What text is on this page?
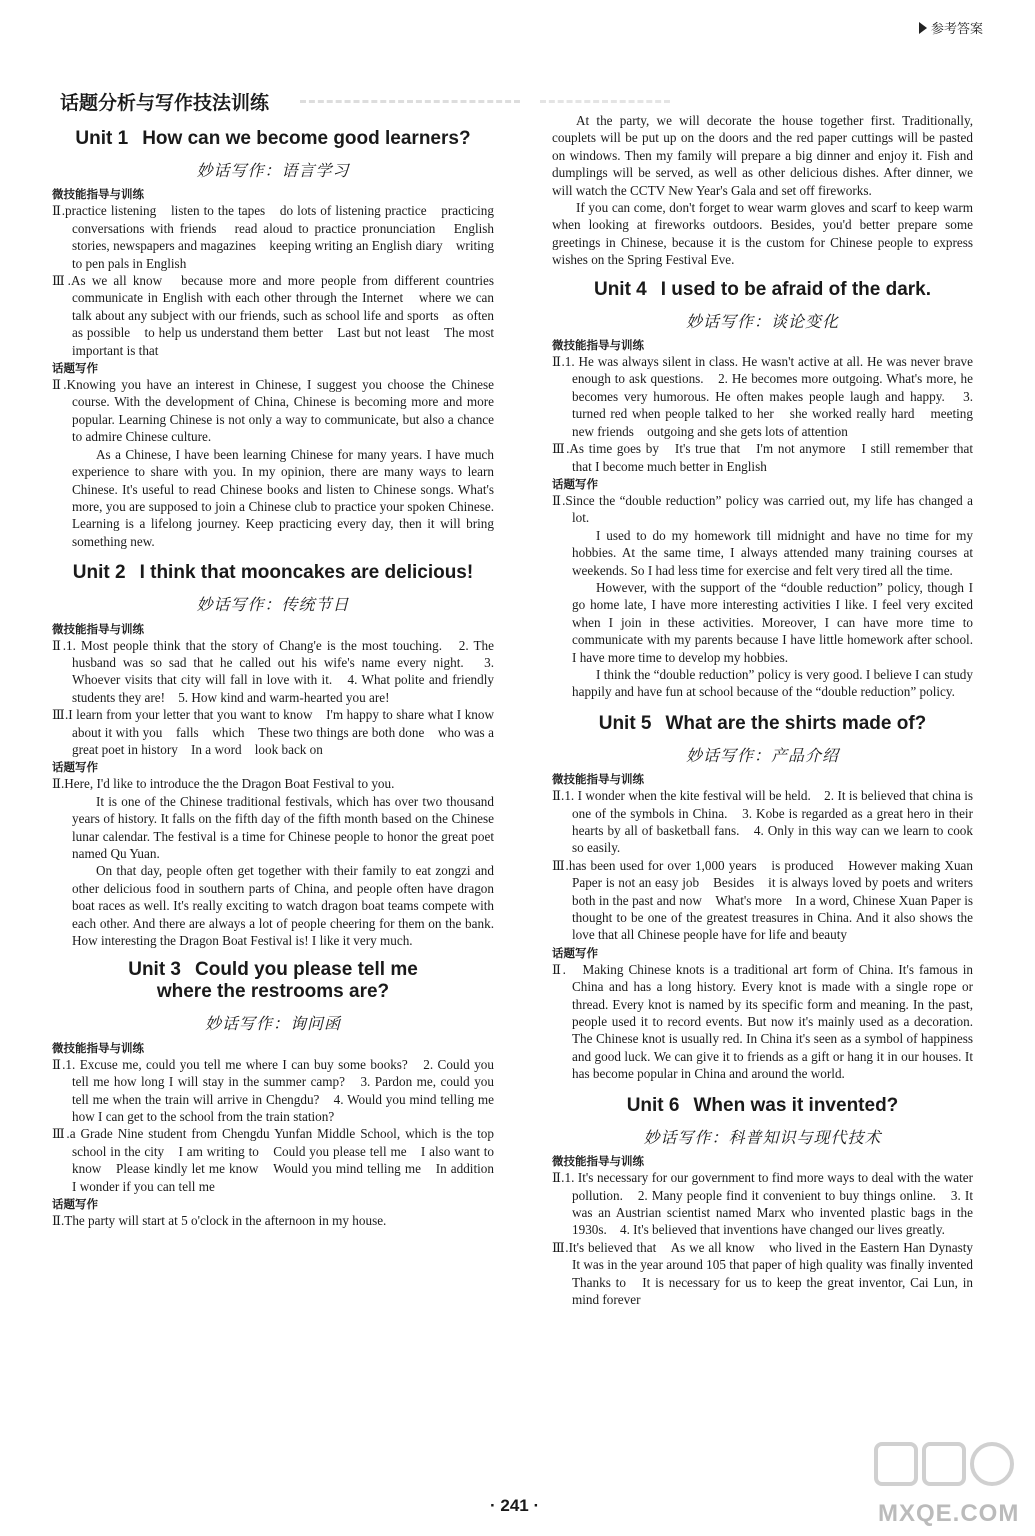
参考答案
话题分析与写作技法训练
Unit 1 How can we become good learners?
妙话写作：语言学习
微技能指导与训练

Ⅱ.practice listening　listen to the tapes　do lots of listening practice　practicing conversations with friends　read aloud to practice pronunciation　English stories, newspapers and magazines　keeping writing an English diary　writing to pen pals in English

Ⅲ.As we all know　because more and more people from different countries communicate in English with each other through the Internet　where we can talk about any subject with our friends, such as school life and sports　as often as possible　to help us understand them better　Last but not least　The most important is that

话题写作

Ⅱ.Knowing you have an interest in Chinese, I suggest you choose the Chinese course. With the development of China, Chinese is becoming more and more popular. Learning Chinese is not only a way to communicate, but also a chance to admire Chinese culture.

As a Chinese, I have been learning Chinese for many years. I have much experience to share with you. In my opinion, there are many ways to learn Chinese. It's useful to read Chinese books and listen to Chinese songs. What's more, you are supposed to join a Chinese club to practice your spoken Chinese. Learning is a lifelong journey. Keep practicing every day, then it will bring something new.

Unit 2 I think that mooncakes are delicious!
妙话写作：传统节日
微技能指导与训练

Ⅱ.1. Most people think that the story of Chang'e is the most touching.　2. The husband was so sad that he called out his wife's name every night.　3. Whoever visits that city will fall in love with it.　4. What polite and friendly students they are!　5. How kind and warm-hearted you are!

Ⅲ.I learn from your letter that you want to know　I'm happy to share what I know about it with you　falls　which　These two things are both done　who was a great poet in history　In a word　look back on

话题写作

Ⅱ.Here, I'd like to introduce the the Dragon Boat Festival to you.

It is one of the Chinese traditional festivals, which has over two thousand years of history. It falls on the fifth day of the fifth month based on the Chinese lunar calendar. The festival is a time for Chinese people to honor the great poet named Qu Yuan.

On that day, people often get together with their family to eat zongzi and other delicious food in southern parts of China, and people often have dragon boat races as well. It's really exciting to watch dragon boat teams compete with each other. And there are always a lot of people cheering for them on the bank. How interesting the Dragon Boat Festival is! I like it very much.

Unit 3 Could you please tell me
where the restrooms are?
妙话写作：询问函
微技能指导与训练

Ⅱ.1. Excuse me, could you tell me where I can buy some books?　2. Could you tell me how long I will stay in the summer camp?　3. Pardon me, could you tell me when the train will arrive in Chengdu?　4. Would you mind telling me how I can get to the school from the train station?

Ⅲ.a Grade Nine student from Chengdu Yunfan Middle School, which is the top school in the city　I am writing to　Could you please tell me　I also want to know　Please kindly let me know　Would you mind telling me　In addition　I wonder if you can tell me

话题写作

Ⅱ.The party will start at 5 o'clock in the afternoon in my house.

At the party, we will decorate the house together first. Traditionally, couplets will be put up on the doors and the red paper cuttings will be pasted on windows. Then my family will prepare a big dinner and enjoy it. Fish and dumplings will be served, as well as other delicious dishes. After dinner, we will watch the CCTV New Year's Gala and set off fireworks.

If you can come, don't forget to wear warm gloves and scarf to keep warm when looking at fireworks outdoors. Besides, you'd better prepare some greetings in Chinese, because it is the custom for Chinese people to express wishes on the Spring Festival Eve.

Unit 4 I used to be afraid of the dark.
妙话写作：谈论变化
微技能指导与训练

Ⅱ.1. He was always silent in class. He wasn't active at all. He was never brave enough to ask questions.　2. He becomes more outgoing. What's more, he becomes very humorous. He often makes people laugh and happy.　3. turned red when people talked to her　she worked really hard　meeting new friends　outgoing and she gets lots of attention

Ⅲ.As time goes by　It's true that　I'm not anymore　I still remember that　that I become much better in English

话题写作

Ⅱ.Since the “double reduction” policy was carried out, my life has changed a lot.

I used to do my homework till midnight and have no time for my hobbies. At the same time, I always attended many training courses at weekends. So I had less time for exercise and felt very tired all the time.

However, with the support of the “double reduction” policy, though I go home late, I have more interesting activities I like. I feel very excited when I join in these activities. Moreover, I can have more time to communicate with my parents because I have little homework after school. I have more time to develop my hobbies.

I think the “double reduction” policy is very good. I believe I can study happily and have fun at school because of the “double reduction” policy.

Unit 5 What are the shirts made of?
妙话写作：产品介绍
微技能指导与训练

Ⅱ.1. I wonder when the kite festival will be held.　2. It is believed that china is one of the symbols in China.　3. Kobe is regarded as a great hero in their hearts by all of basketball fans.　4. Only in this way can we learn to cook so easily.

Ⅲ.has been used for over 1,000 years　is produced　However making Xuan Paper is not an easy job　Besides　it is always loved by poets and writers both in the past and now　What's more　In a word, Chinese Xuan Paper is thought to be one of the greatest treasures in China. And it also shows the love that all Chinese people have for life and beauty

话题写作

Ⅱ.　Making Chinese knots is a traditional art form of China. It's famous in China and has a long history. Every knot is made with a single rope or thread. Every knot is named by its specific form and meaning. In the past, people used it to record events. But now it's mainly used as a decoration. The Chinese knot is usually red. In China it's seen as a symbol of happiness and good luck. We can give it to friends as a gift or hang it in our houses. It has become popular in China and around the world.

Unit 6 When was it invented?
妙话写作：科普知识与现代技术
微技能指导与训练

Ⅱ.1. It's necessary for our government to find more ways to deal with the water pollution.　2. Many people find it convenient to buy things online.　3. It was an Austrian scientist named Marx who invented plastic bags in the 1930s.　4. It's believed that inventions have changed our lives greatly.

Ⅲ.It's believed that　As we all know　who lived in the Eastern Han Dynasty　It was in the year around 105 that paper of high quality was finally invented　Thanks to　It is necessary for us to keep the great inventor, Cai Lun, in mind forever

· 241 ·	MXQE.COM
